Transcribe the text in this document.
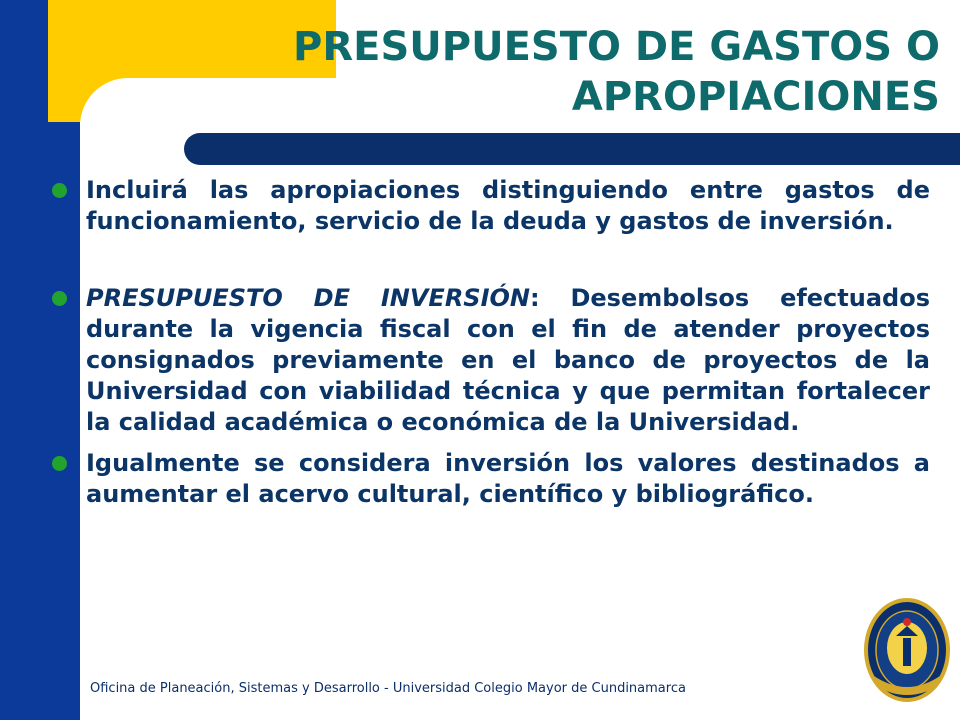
PRESUPUESTO DE GASTOS O
APROPIACIONES
Incluirá las apropiaciones distinguiendo entre gastos de funcionamiento, servicio de la deuda y gastos de inversión.
PRESUPUESTO DE INVERSIÓN: Desembolsos efectuados durante la vigencia fiscal con el fin de atender proyectos consignados previamente en el banco de proyectos de la Universidad con viabilidad técnica y que permitan fortalecer la calidad académica o económica de la Universidad.
Igualmente se considera inversión los valores destinados a aumentar el acervo cultural, científico y bibliográfico.
Oficina de Planeación, Sistemas y Desarrollo - Universidad Colegio Mayor de Cundinamarca
